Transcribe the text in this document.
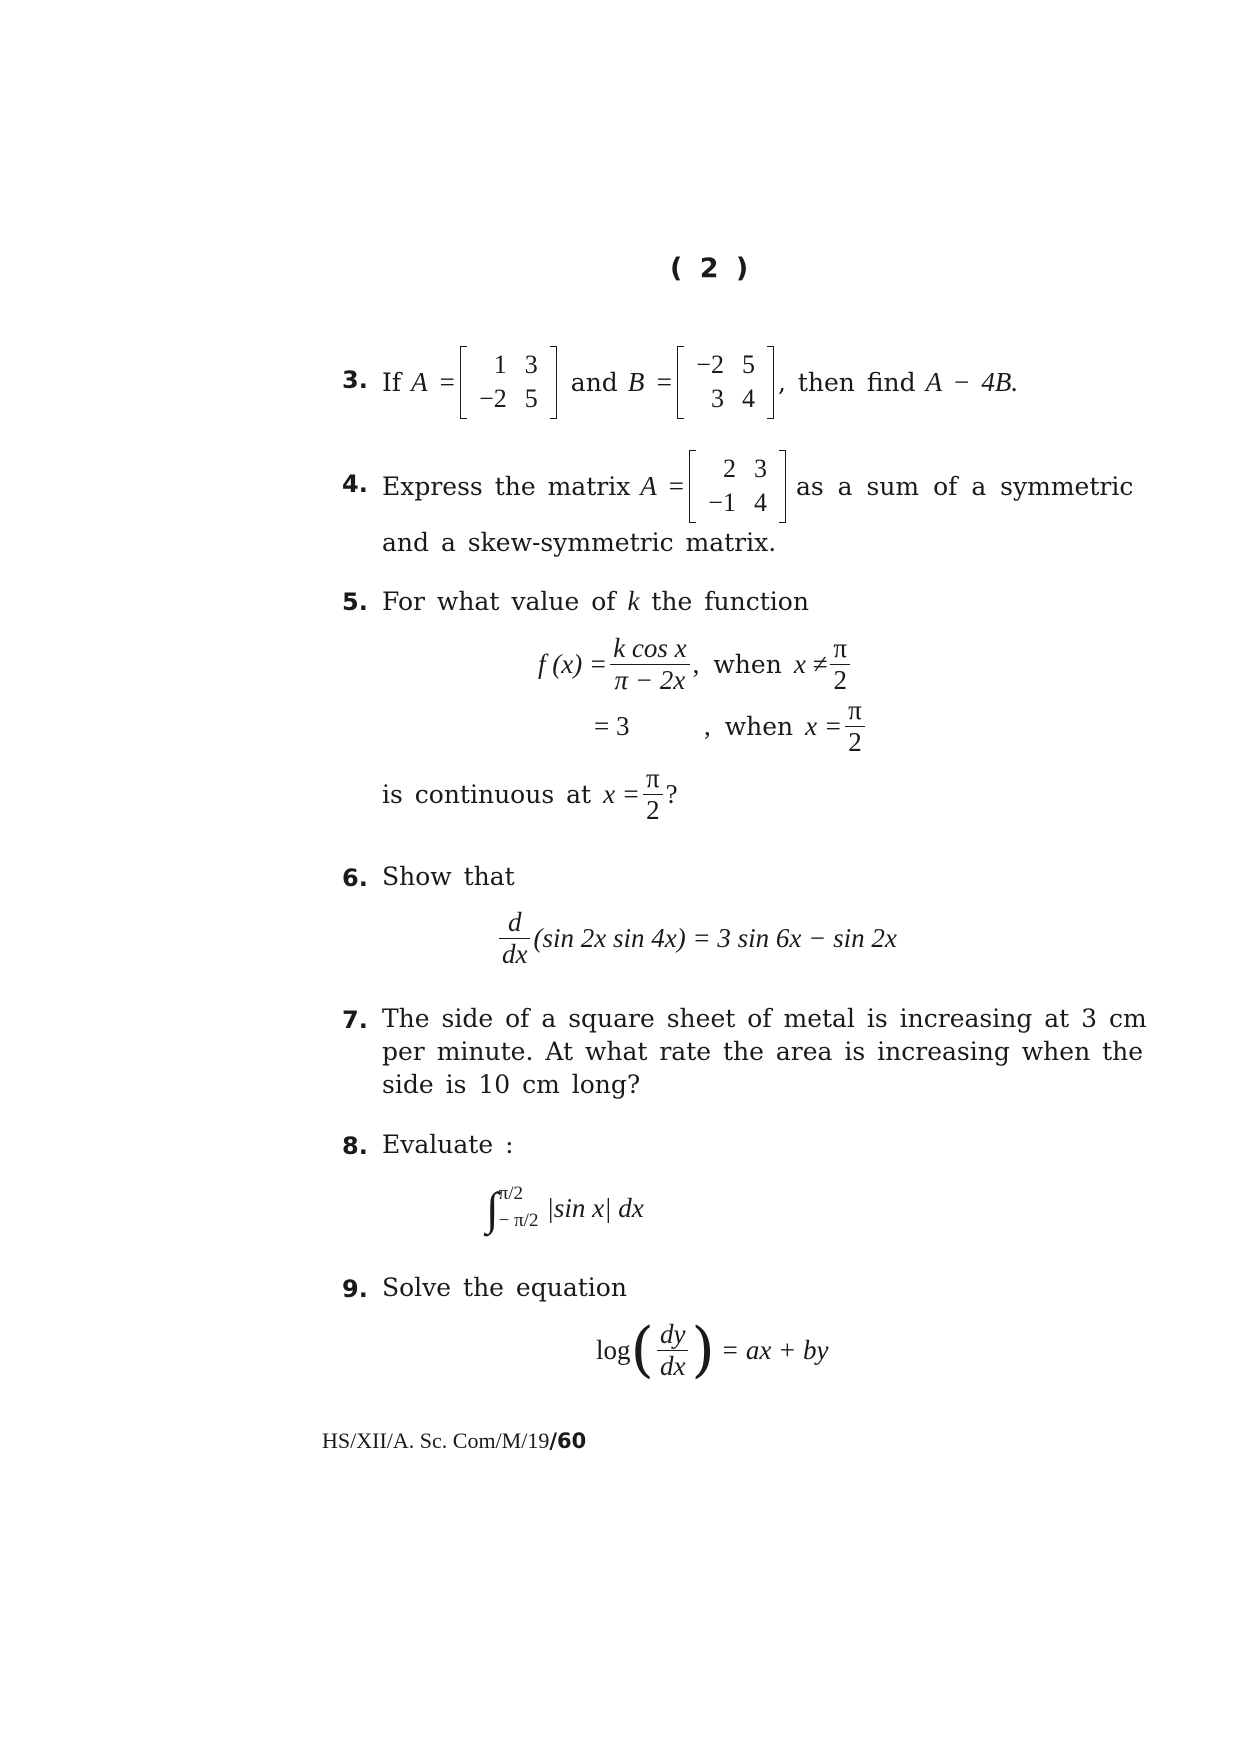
( 2 )
3. If A =
1	3
−2	5
and B =
−2	5
3	4
, then find A − 4B.
4. Express the matrix A =
2	3
−1	4
as a sum of a symmetric
and a skew-symmetric matrix.
5. For what value of k the function
f $(x) = \frac{\text{k cos x}}{\pi - 2x}$ , when $x \ne \frac{\pi}{2}$
= 3	, when $x = \frac{\pi}{2}$
is continuous at $x = \frac{\pi}{2}$ ?
6. Show that
$\frac{d}{dx} (\sin$ 2x sin 4x) = 3 sin 6x − sin 2x
7. The side of a square sheet of metal is increasing at 3 cm
per minute. At what rate the area is increasing when the
side is 10 cm long?
8. Evaluate :
∫ π/2
− π/2 |sin x| dx
9. Solve the equation
log ( $\frac{dy}{dx}$ ) = ax + by
HS/XII/A. Sc. Com/M/19/60
